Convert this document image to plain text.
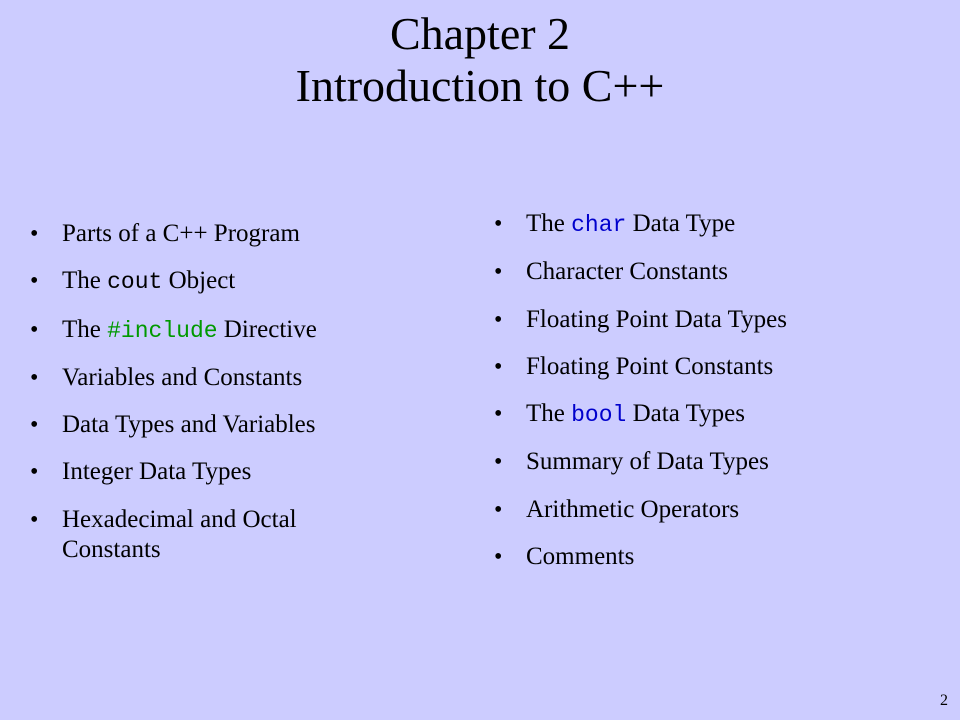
Chapter 2

Introduction to C++

• Parts of a C++ Program
• The cout Object
• The #include Directive
• Variables and Constants
• Data Types and Variables
• Integer Data Types
• Hexadecimal and Octal Constants
• The char Data Type
• Character Constants
• Floating Point Data Types
• Floating Point Constants
• The bool Data Types
• Summary of Data Types
• Arithmetic Operators
• Comments
2
